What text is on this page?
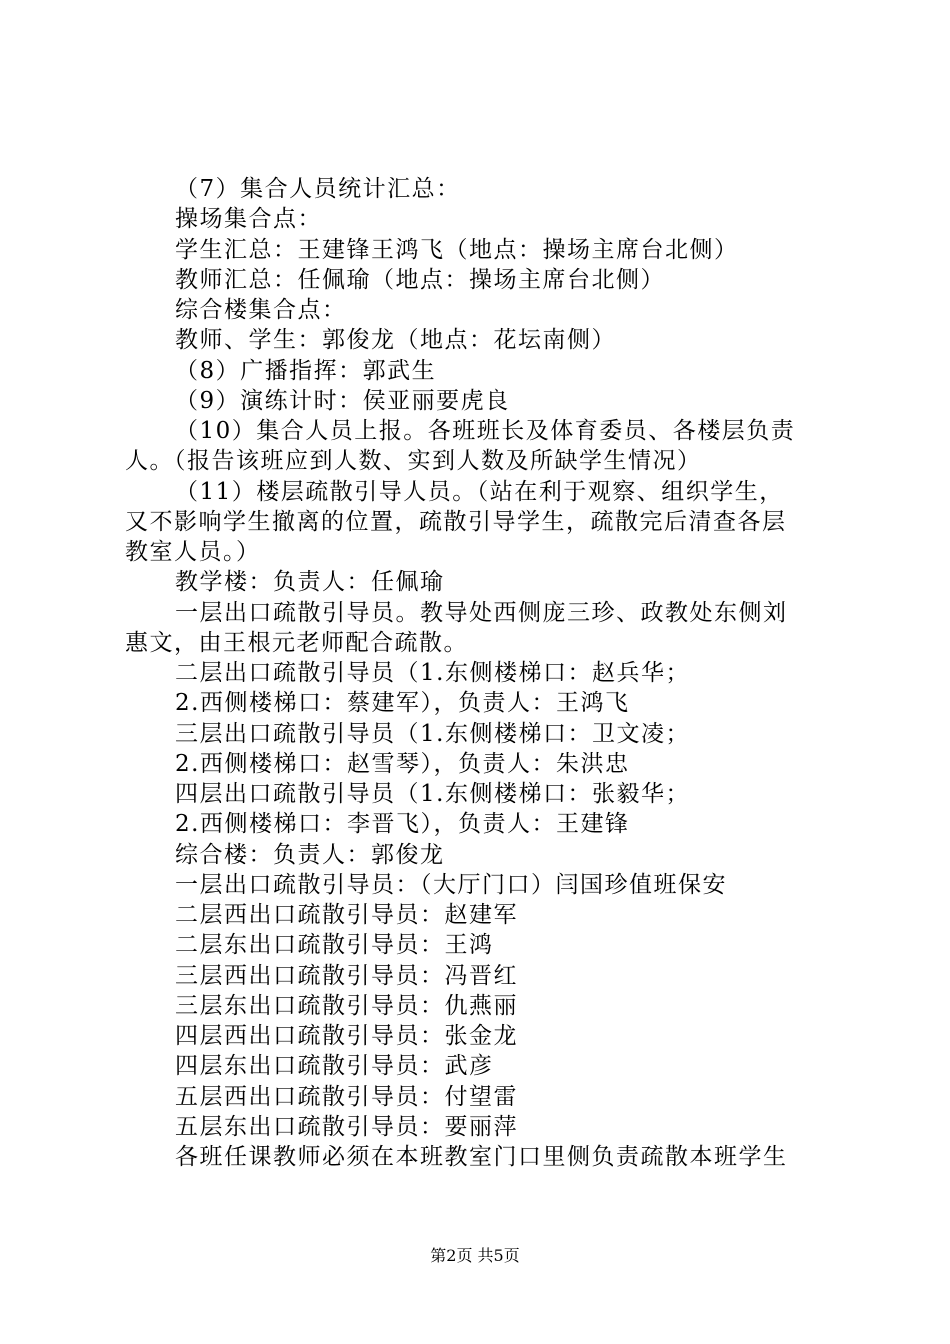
（7）集合人员统计汇总：
操场集合点：
学生汇总：王建锋王鸿飞（地点：操场主席台北侧）
教师汇总：任佩瑜（地点：操场主席台北侧）
综合楼集合点：
教师、学生：郭俊龙（地点：花坛南侧）
（8）广播指挥：郭武生
（9）演练计时：侯亚丽要虎良
（10）集合人员上报。各班班长及体育委员、各楼层负责
人。（报告该班应到人数、实到人数及所缺学生情况）
（11）楼层疏散引导人员。（站在利于观察、组织学生，
又不影响学生撤离的位置，疏散引导学生，疏散完后清查各层
教室人员。）
教学楼：负责人：任佩瑜
一层出口疏散引导员。教导处西侧庞三珍、政教处东侧刘
惠文，由王根元老师配合疏散。
二层出口疏散引导员（1.东侧楼梯口：赵兵华；
2.西侧楼梯口：蔡建军），负责人：王鸿飞
三层出口疏散引导员（1.东侧楼梯口：卫文凌；
2.西侧楼梯口：赵雪琴），负责人：朱洪忠
四层出口疏散引导员（1.东侧楼梯口：张毅华；
2.西侧楼梯口：李晋飞），负责人：王建锋
综合楼：负责人：郭俊龙
一层出口疏散引导员：（大厅门口）闫国珍值班保安
二层西出口疏散引导员：赵建军
二层东出口疏散引导员：王鸿
三层西出口疏散引导员：冯晋红
三层东出口疏散引导员：仇燕丽
四层西出口疏散引导员：张金龙
四层东出口疏散引导员：武彦
五层西出口疏散引导员：付望雷
五层东出口疏散引导员：要丽萍
各班任课教师必须在本班教室门口里侧负责疏散本班学生
第2页 共5页
